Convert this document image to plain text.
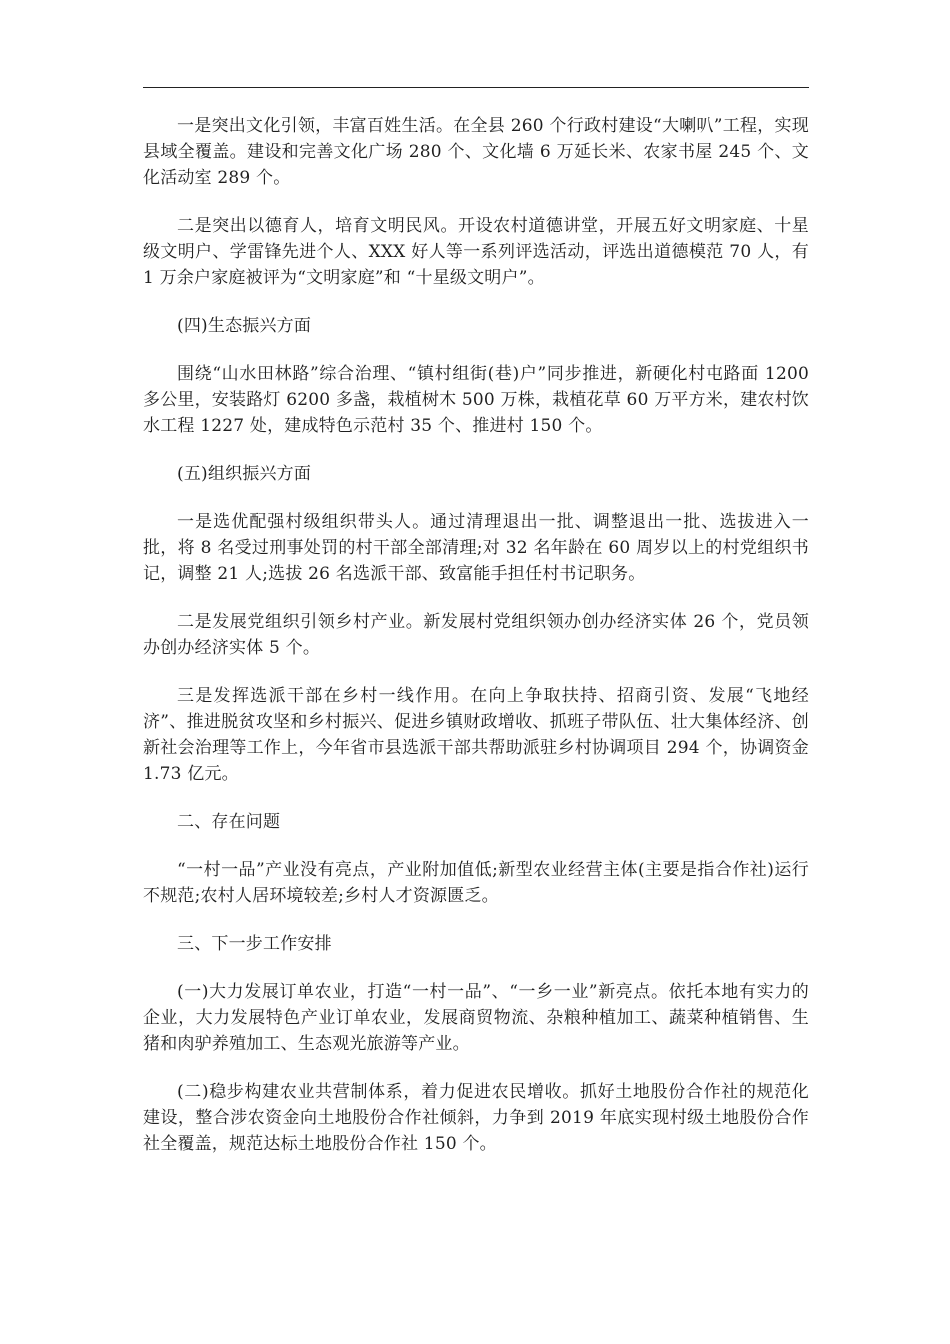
一是突出文化引领，丰富百姓生活。在全县 260 个行政村建设“大喇叭”工程，实现县域全覆盖。建设和完善文化广场 280 个、文化墙 6 万延长米、农家书屋 245 个、文化活动室 289 个。

二是突出以德育人，培育文明民风。开设农村道德讲堂，开展五好文明家庭、十星级文明户、学雷锋先进个人、XXX 好人等一系列评选活动，评选出道德模范 70 人，有 1 万余户家庭被评为“文明家庭”和 “十星级文明户”。

(四)生态振兴方面

围绕“山水田林路”综合治理、“镇村组街(巷)户”同步推进，新硬化村屯路面 1200 多公里，安装路灯 6200 多盏，栽植树木 500 万株，栽植花草 60 万平方米，建农村饮水工程 1227 处，建成特色示范村 35 个、推进村 150 个。

(五)组织振兴方面

一是选优配强村级组织带头人。通过清理退出一批、调整退出一批、选拔进入一批，将 8 名受过刑事处罚的村干部全部清理;对 32 名年龄在 60 周岁以上的村党组织书记，调整 21 人;选拔 26 名选派干部、致富能手担任村书记职务。

二是发展党组织引领乡村产业。新发展村党组织领办创办经济实体 26 个，党员领办创办经济实体 5 个。

三是发挥选派干部在乡村一线作用。在向上争取扶持、招商引资、发展“飞地经济”、推进脱贫攻坚和乡村振兴、促进乡镇财政增收、抓班子带队伍、壮大集体经济、创新社会治理等工作上，今年省市县选派干部共帮助派驻乡村协调项目 294 个，协调资金 1.73 亿元。

二、存在问题

“一村一品”产业没有亮点，产业附加值低;新型农业经营主体(主要是指合作社)运行不规范;农村人居环境较差;乡村人才资源匮乏。

三、下一步工作安排

(一)大力发展订单农业，打造“一村一品”、“一乡一业”新亮点。依托本地有实力的企业，大力发展特色产业订单农业，发展商贸物流、杂粮种植加工、蔬菜种植销售、生猪和肉驴养殖加工、生态观光旅游等产业。

(二)稳步构建农业共营制体系，着力促进农民增收。抓好土地股份合作社的规范化建设，整合涉农资金向土地股份合作社倾斜，力争到 2019 年底实现村级土地股份合作社全覆盖，规范达标土地股份合作社 150 个。
